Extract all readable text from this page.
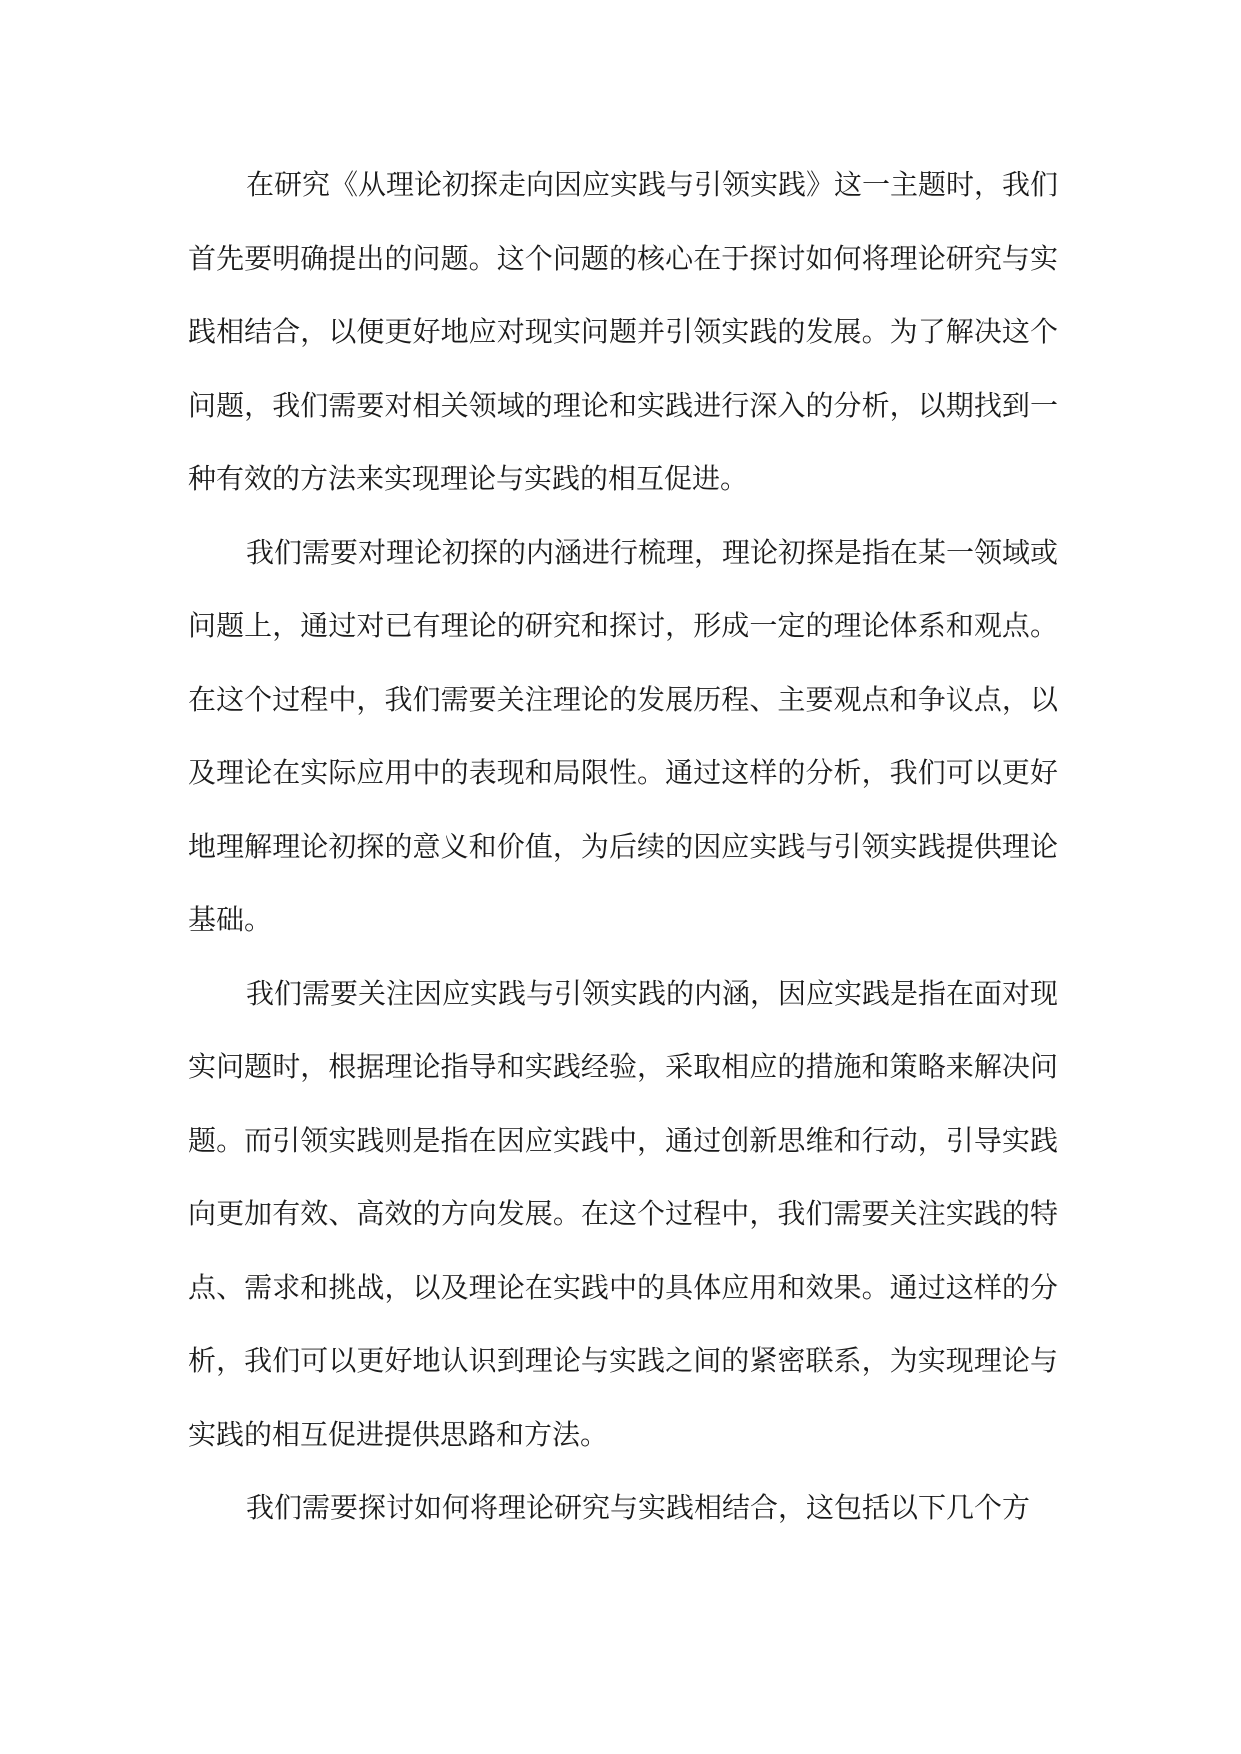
在研究《从理论初探走向因应实践与引领实践》这一主题时，我们首先要明确提出的问题。这个问题的核心在于探讨如何将理论研究与实践相结合，以便更好地应对现实问题并引领实践的发展。为了解决这个问题，我们需要对相关领域的理论和实践进行深入的分析，以期找到一种有效的方法来实现理论与实践的相互促进。

我们需要对理论初探的内涵进行梳理，理论初探是指在某一领域或问题上，通过对已有理论的研究和探讨，形成一定的理论体系和观点。在这个过程中，我们需要关注理论的发展历程、主要观点和争议点，以及理论在实际应用中的表现和局限性。通过这样的分析，我们可以更好地理解理论初探的意义和价值，为后续的因应实践与引领实践提供理论基础。

我们需要关注因应实践与引领实践的内涵，因应实践是指在面对现实问题时，根据理论指导和实践经验，采取相应的措施和策略来解决问题。而引领实践则是指在因应实践中，通过创新思维和行动，引导实践向更加有效、高效的方向发展。在这个过程中，我们需要关注实践的特点、需求和挑战，以及理论在实践中的具体应用和效果。通过这样的分析，我们可以更好地认识到理论与实践之间的紧密联系，为实现理论与实践的相互促进提供思路和方法。

我们需要探讨如何将理论研究与实践相结合，这包括以下几个方
